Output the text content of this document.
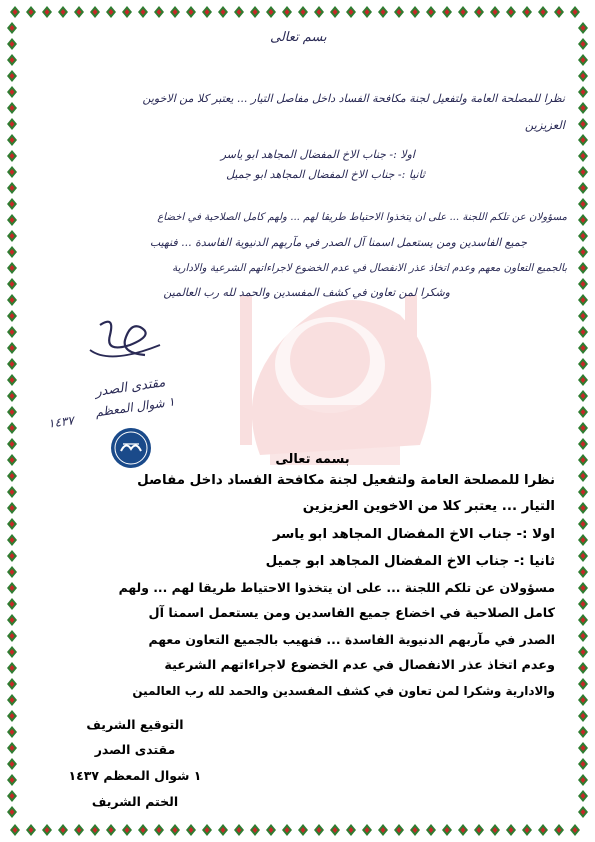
بسم تعالى
نظرا للمصلحة العامة ولتفعيل لجنة مكافحة الفساد داخل مفاصل التيار ... يعتبر كلا من الاخوين
العزيزين
اولا :- جناب الاخ المفضال المجاهد ابو ياسر
ثانيا :- جناب الاخ المفضال المجاهد ابو جميل
مسؤولان عن تلكم اللجنة ... على ان يتخذوا الاحتياط طريقا لهم ... ولهم كامل الصلاحية في اخضاع
جميع الفاسدين ومن يستعمل اسمنا آل الصدر في مآربهم الدنيوية الفاسدة ... فنهيب
بالجميع التعاون معهم وعدم اتخاذ عذر الانفصال في عدم الخضوع لاجراءاتهم الشرعية والادارية
وشكرا لمن تعاون في كشف المفسدين والحمد لله رب العالمين
مقتدى الصدر
١ شوال المعظم
١٤٣٧
بسمه تعالى
نظرا للمصلحة العامة ولتفعيل لجنة مكافحة الفساد داخل مفاصل
التيار ... يعتبر كلا من الاخوين العزيزين
اولا :- جناب الاخ المفضال المجاهد ابو ياسر
ثانيا :- جناب الاخ المفضال المجاهد ابو جميل
مسؤولان عن تلكم اللجنة ... على ان يتخذوا الاحتياط طريقا لهم ... ولهم
كامل الصلاحية في اخضاع جميع الفاسدين ومن يستعمل اسمنا آل
الصدر في مآربهم الدنيوية الفاسدة ... فنهيب بالجميع التعاون معهم
وعدم اتخاذ عذر الانفصال في عدم الخضوع لاجراءاتهم الشرعية
والادارية وشكرا لمن تعاون في كشف المفسدين والحمد لله رب العالمين
التوقيع الشريف
مقتدى الصدر
١ شوال المعظم ١٤٣٧
الختم الشريف
